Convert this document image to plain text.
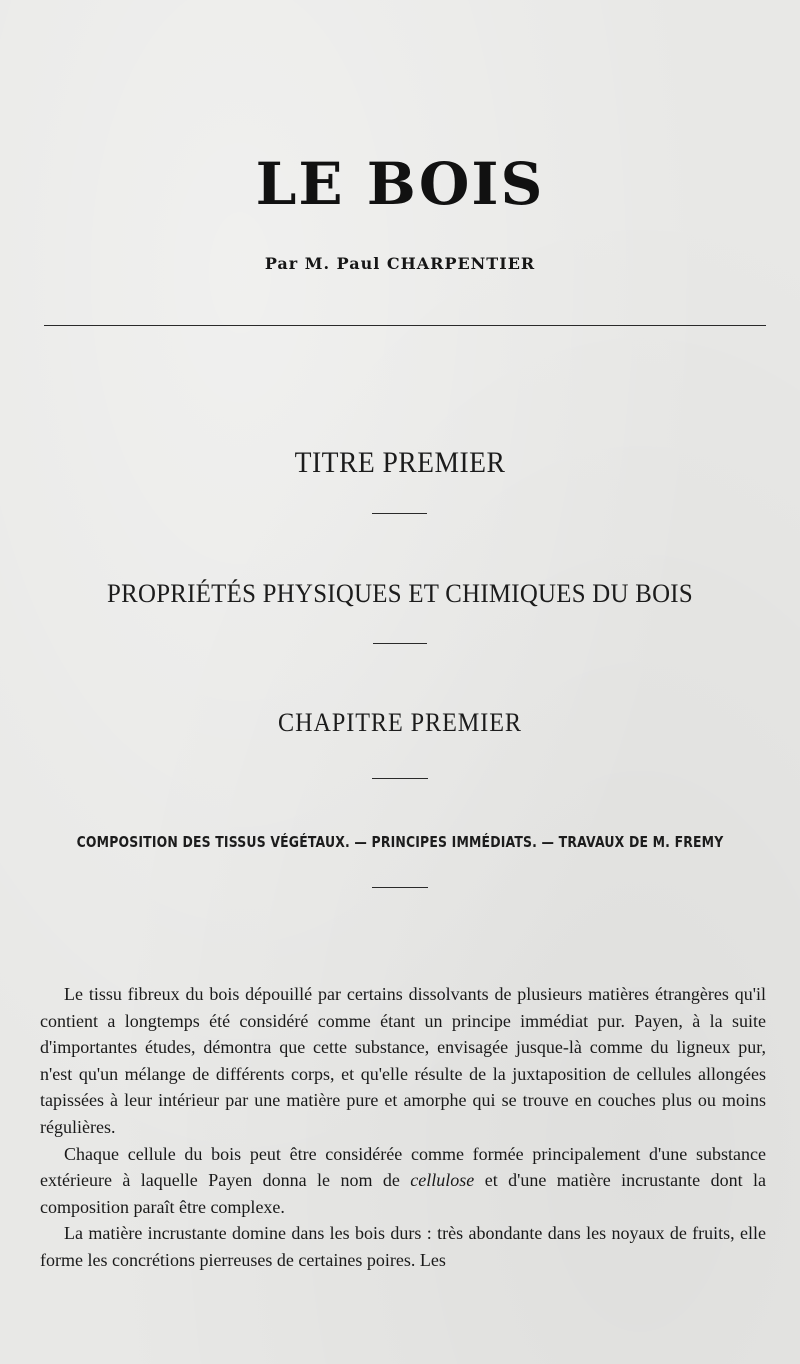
LE BOIS
Par M. Paul CHARPENTIER
TITRE PREMIER
PROPRIÉTÉS PHYSIQUES ET CHIMIQUES DU BOIS
CHAPITRE PREMIER
COMPOSITION DES TISSUS VÉGÉTAUX. — PRINCIPES IMMÉDIATS. — TRAVAUX DE M. FREMY

Le tissu fibreux du bois dépouillé par certains dissolvants de plusieurs matières étrangères qu'il contient a longtemps été considéré comme étant un principe immédiat pur. Payen, à la suite d'importantes études, démontra que cette substance, envisagée jusque-là comme du ligneux pur, n'est qu'un mélange de différents corps, et qu'elle résulte de la juxtaposition de cellules allongées tapissées à leur intérieur par une matière pure et amorphe qui se trouve en couches plus ou moins régulières.

Chaque cellule du bois peut être considérée comme formée principalement d'une substance extérieure à laquelle Payen donna le nom de cellulose et d'une matière incrustante dont la composition paraît être complexe.

La matière incrustante domine dans les bois durs : très abondante dans les noyaux de fruits, elle forme les concrétions pierreuses de certaines poires. Les
